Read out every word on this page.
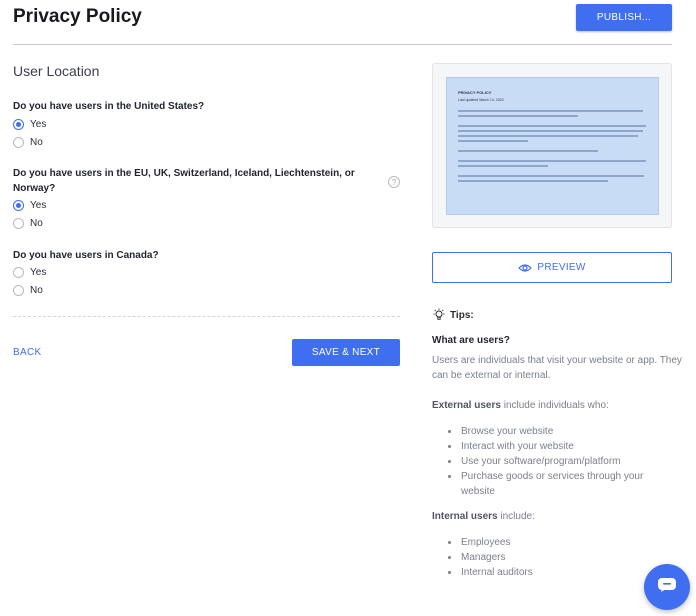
Privacy Policy	PUBLISH...
User Location
Do you have users in the United States?
Yes
No
Do you have users in the EU, UK, Switzerland, Iceland, Liechtenstein, or Norway?
?
Yes
No
Do you have users in Canada?
Yes
No
BACK	SAVE & NEXT
PRIVACY POLICY
Last updated March 14, 2023
PREVIEW
Tips:
What are users?
Users are individuals that visit your website or app. They can be external or internal.
External users include individuals who:
Browse your website
Interact with your website
Use your software/program/platform
Purchase goods or services through your website
Internal users include:
Employees
Managers
Internal auditors
